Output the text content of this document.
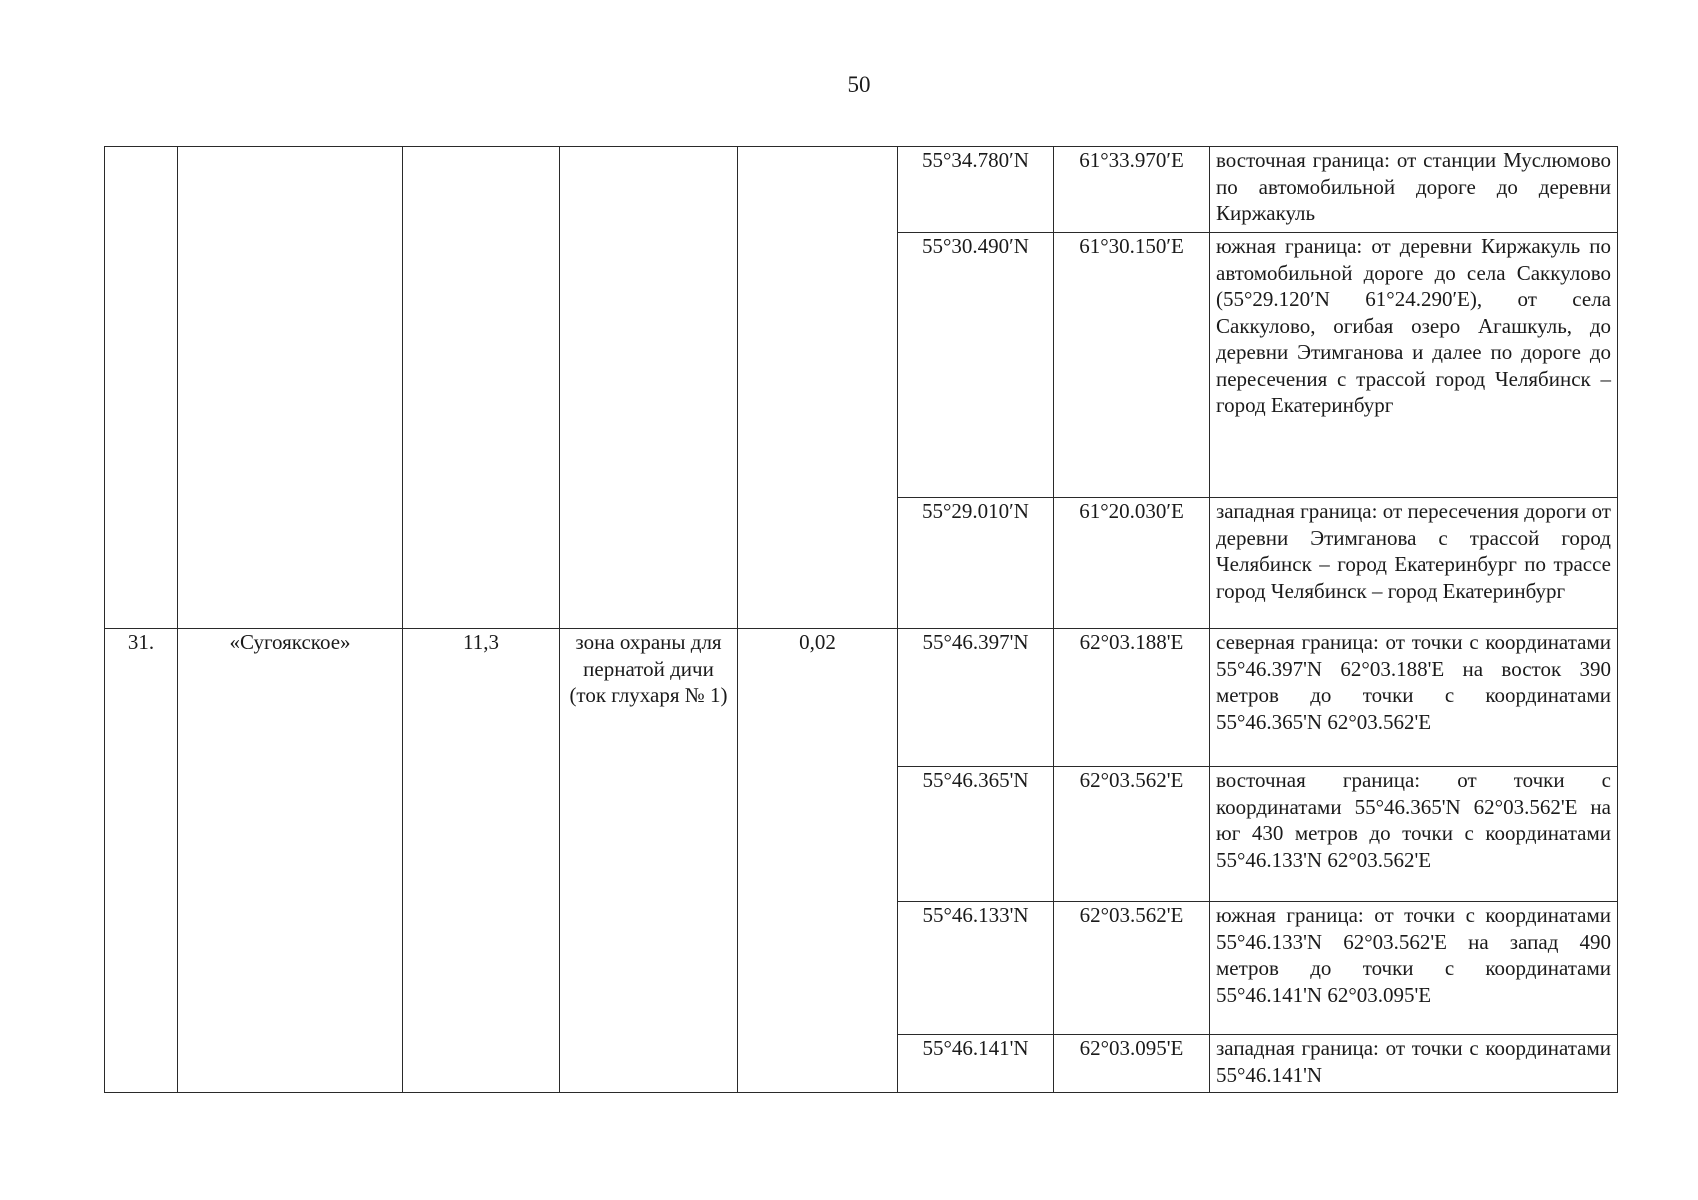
50
					55°34.780′N	61°33.970′E	восточная граница: от станции Муслюмово по автомобильной дороге до деревни Киржакуль
					55°30.490′N	61°30.150′E	южная граница: от деревни Киржакуль по автомобильной дороге до села Саккулово (55°29.120′N 61°24.290′E), от села Саккулово, огибая озеро Агашкуль, до деревни Этимганова и далее по дороге до пересечения с трассой город Челябинск – город Екатеринбург
					55°29.010′N	61°20.030′E	западная граница: от пересечения дороги от деревни Этимганова с трассой город Челябинск – город Екатеринбург по трассе город Челябинск – город Екатеринбург
31.	«Сугоякское»	11,3	зона охраны для пернатой дичи (ток глухаря № 1)	0,02	55°46.397'N	62°03.188'E	северная граница: от точки с координатами 55°46.397'N 62°03.188'E на восток 390 метров до точки с координатами 55°46.365'N 62°03.562'E
					55°46.365'N	62°03.562'E	восточная граница: от точки с координатами 55°46.365'N 62°03.562'E на юг 430 метров до точки с координатами 55°46.133'N 62°03.562'E
					55°46.133'N	62°03.562'E	южная граница: от точки с координатами 55°46.133'N 62°03.562'E на запад 490 метров до точки с координатами 55°46.141'N 62°03.095'E
					55°46.141'N	62°03.095'E	западная граница: от точки с координатами 55°46.141'N
